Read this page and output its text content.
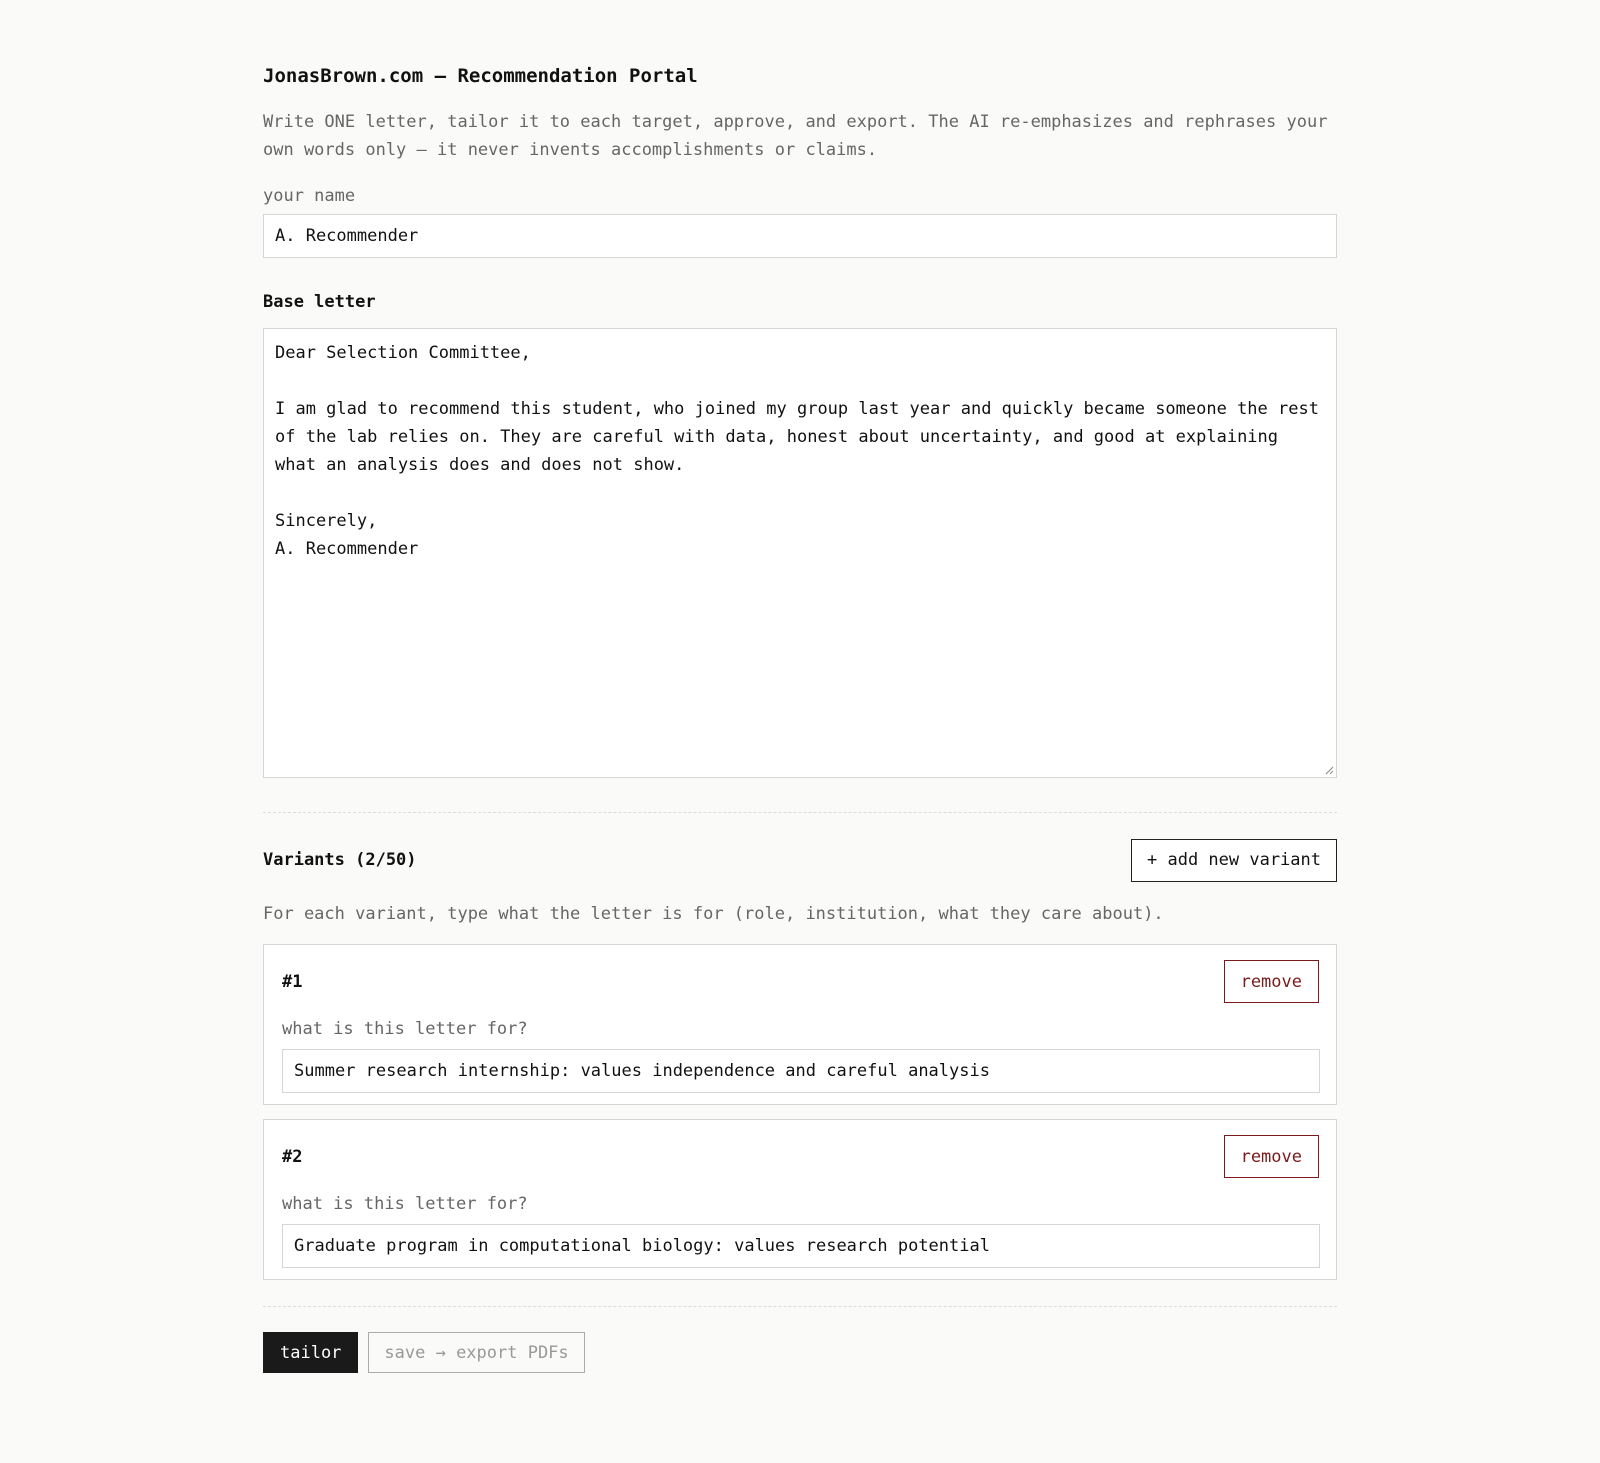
JonasBrown.com — Recommendation Portal
Write ONE letter, tailor it to each target, approve, and export. The AI re-emphasizes and rephrases your own words only — it never invents accomplishments or claims.
your name
A. Recommender
Base letter
Dear Selection Committee,

I am glad to recommend this student, who joined my group last year and quickly became someone the rest of the lab relies on. They are careful with data, honest about uncertainty, and good at explaining what an analysis does and does not show.

Sincerely,
A. Recommender
Variants (2/50)	+ add new variant
For each variant, type what the letter is for (role, institution, what they care about).
#1	remove
what is this letter for?
Summer research internship: values independence and careful analysis
#2	remove
what is this letter for?
Graduate program in computational biology: values research potential
tailor	save → export PDFs
